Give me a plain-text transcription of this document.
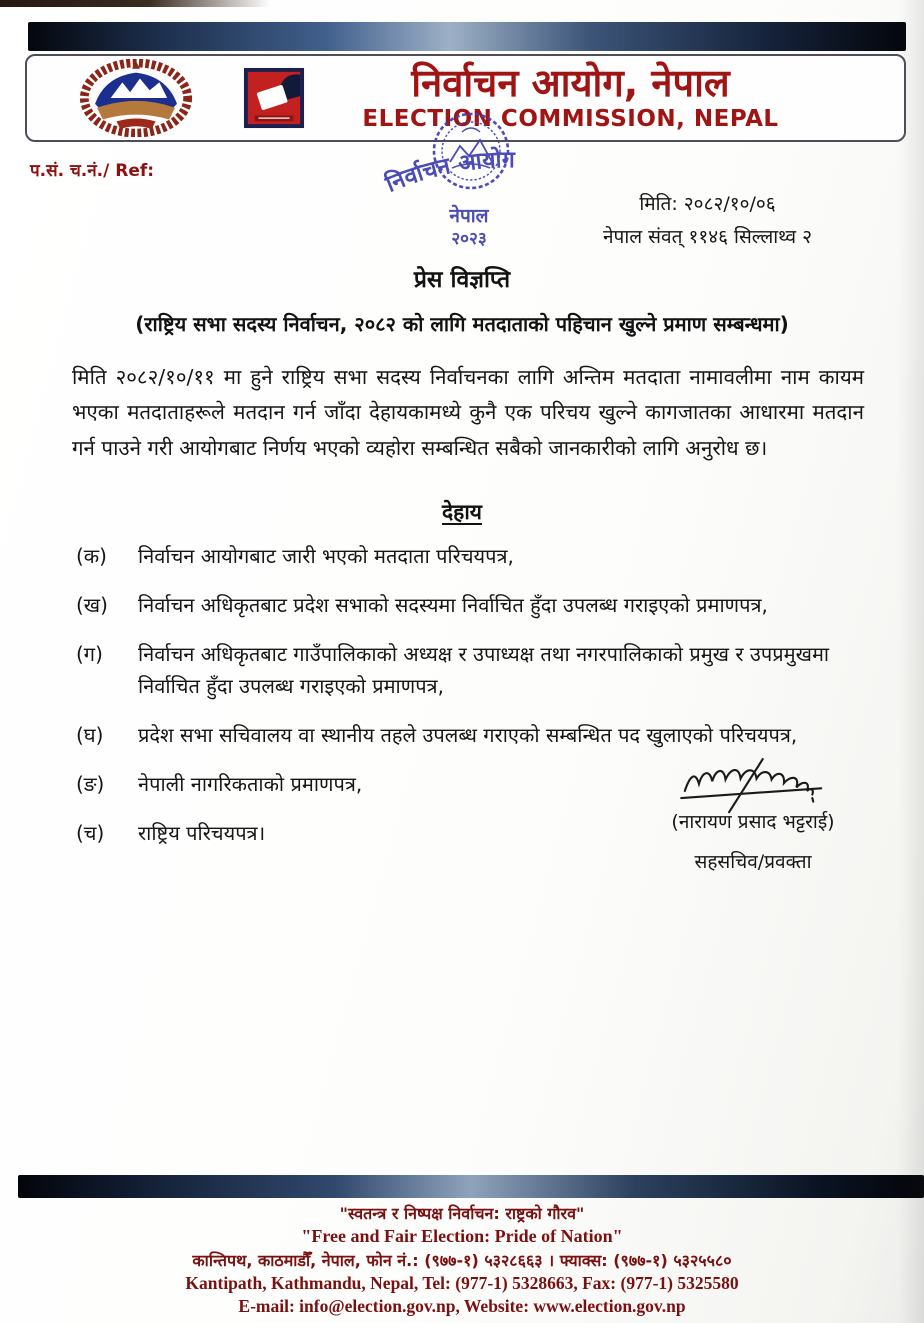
निर्वाचन आयोग, नेपाल
ELECTION COMMISSION, NEPAL
प.सं. च.नं./ Ref:	निर्वाचन आयोग
नेपाल
२०२३
मिति: २०८२/१०/०६
नेपाल संवत् ११४६ सिल्लाथ्व २
प्रेस विज्ञप्ति
(राष्ट्रिय सभा सदस्य निर्वाचन, २०८२ को लागि मतदाताको पहिचान खुल्ने प्रमाण सम्बन्धमा)
मिति २०८२/१०/११ मा हुने राष्ट्रिय सभा सदस्य निर्वाचनका लागि अन्तिम मतदाता नामावलीमा नाम कायम भएका मतदाताहरूले मतदान गर्न जाँदा देहायकामध्ये कुनै एक परिचय खुल्ने कागजातका आधारमा मतदान गर्न पाउने गरी आयोगबाट निर्णय भएको व्यहोरा सम्बन्धित सबैको जानकारीको लागि अनुरोध छ।
देहाय
(क)	निर्वाचन आयोगबाट जारी भएको मतदाता परिचयपत्र,
(ख)	निर्वाचन अधिकृतबाट प्रदेश सभाको सदस्यमा निर्वाचित हुँदा उपलब्ध गराइएको प्रमाणपत्र,
(ग)	निर्वाचन अधिकृतबाट गाउँपालिकाको अध्यक्ष र उपाध्यक्ष तथा नगरपालिकाको प्रमुख र उपप्रमुखमा निर्वाचित हुँदा उपलब्ध गराइएको प्रमाणपत्र,
(घ)	प्रदेश सभा सचिवालय वा स्थानीय तहले उपलब्ध गराएको सम्बन्धित पद खुलाएको परिचयपत्र,
(ङ)	नेपाली नागरिकताको प्रमाणपत्र,
(च)	राष्ट्रिय परिचयपत्र।	(नारायण प्रसाद भट्टराई)
सहसचिव/प्रवक्ता
"स्वतन्त्र र निष्पक्ष निर्वाचन: राष्ट्रको गौरव"
"Free and Fair Election: Pride of Nation"
कान्तिपथ, काठमाडौँ, नेपाल, फोन नं.: (९७७-१) ५३२८६६३ । फ्याक्स: (९७७-१) ५३२५५८०
Kantipath, Kathmandu, Nepal, Tel: (977-1) 5328663, Fax: (977-1) 5325580
E-mail: info@election.gov.np, Website: www.election.gov.np
